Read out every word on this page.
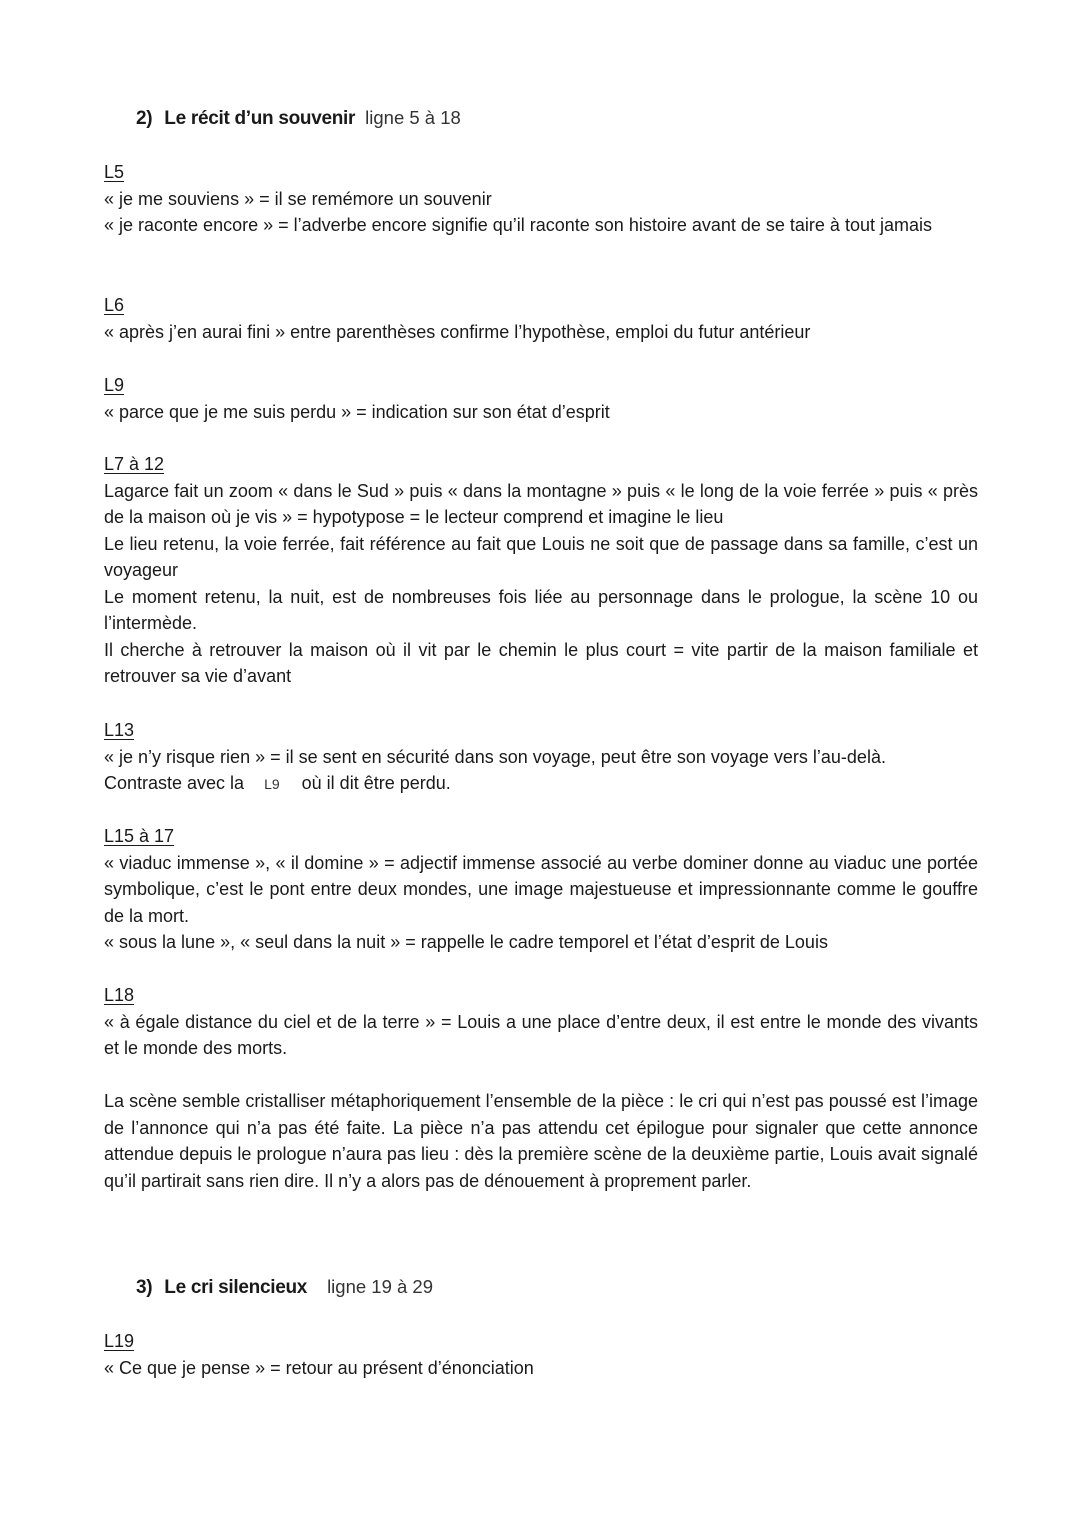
2) Le récit d’un souvenir ligne 5 à 18
L5

« je me souviens » = il se remémore un souvenir

« je raconte encore » = l’adverbe encore signifie qu’il raconte son histoire avant de se taire à tout jamais

L6

« après j’en aurai fini » entre parenthèses confirme l’hypothèse, emploi du futur antérieur

L9

« parce que je me suis perdu » = indication sur son état d’esprit

L7 à 12

Lagarce fait un zoom « dans le Sud » puis « dans la montagne » puis « le long de la voie ferrée » puis « près de la maison où je vis » = hypotypose = le lecteur comprend et imagine le lieu

Le lieu retenu, la voie ferrée, fait référence au fait que Louis ne soit que de passage dans sa famille, c’est un voyageur

Le moment retenu, la nuit, est de nombreuses fois liée au personnage dans le prologue, la scène 10 ou l’intermède.

Il cherche à retrouver la maison où il vit par le chemin le plus court = vite partir de la maison familiale et retrouver sa vie d’avant

L13

« je n’y risque rien » = il se sent en sécurité dans son voyage, peut être son voyage vers l’au-delà.

Contraste avec la L9 où il dit être perdu.

L15 à 17

« viaduc immense », « il domine » = adjectif immense associé au verbe dominer donne au viaduc une portée symbolique, c’est le pont entre deux mondes, une image majestueuse et impressionnante comme le gouffre de la mort.

« sous la lune », « seul dans la nuit » = rappelle le cadre temporel et l’état d’esprit de Louis

L18

« à égale distance du ciel et de la terre » = Louis a une place d’entre deux, il est entre le monde des vivants et le monde des morts.

La scène semble cristalliser métaphoriquement l’ensemble de la pièce : le cri qui n’est pas poussé est l’image de l’annonce qui n’a pas été faite. La pièce n’a pas attendu cet épilogue pour signaler que cette annonce attendue depuis le prologue n’aura pas lieu : dès la première scène de la deuxième partie, Louis avait signalé qu’il partirait sans rien dire. Il n’y a alors pas de dénouement à proprement parler.

3) Le cri silencieux ligne 19 à 29
L19

« Ce que je pense » = retour au présent d’énonciation
